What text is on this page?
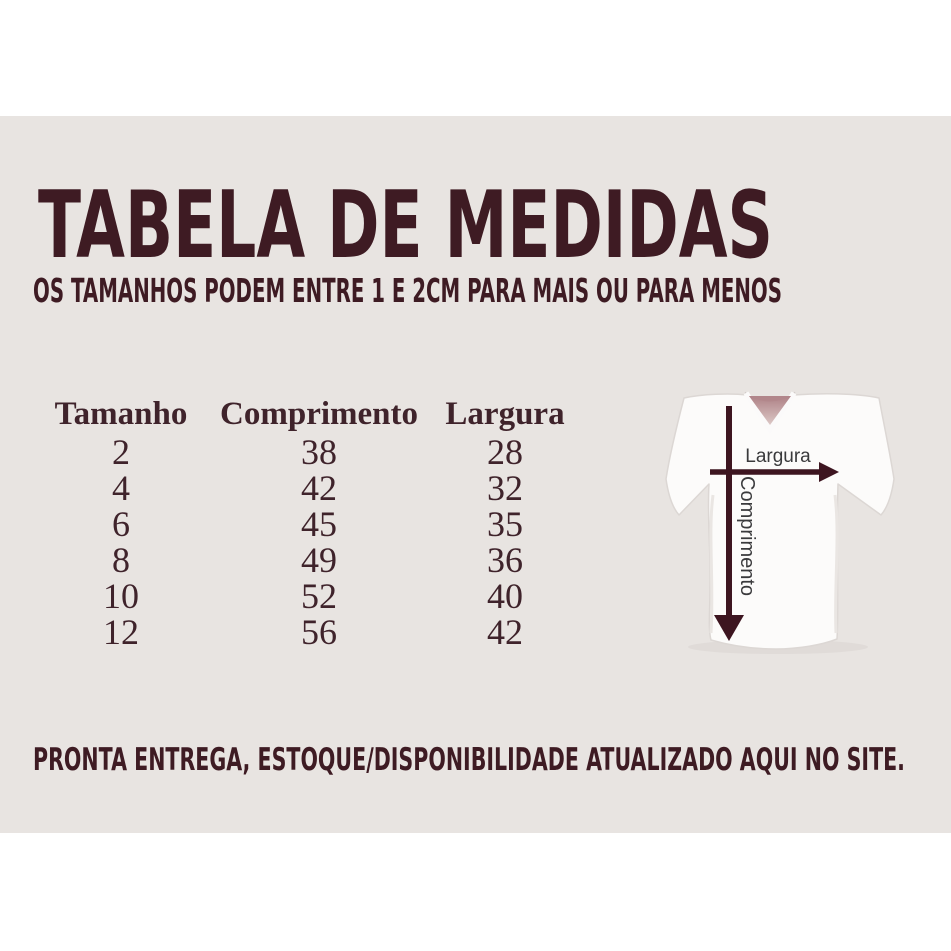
TABELA DE MEDIDAS
OS TAMANHOS PODEM ENTRE 1 E 2CM PARA MAIS OU PARA MENOS
PRONTA ENTREGA, ESTOQUE/DISPONIBILIDADE ATUALIZADO AQUI NO SITE.
Tamanho Comprimento Largura
2	38	28
4	42	32
6	45	35
8	49	36
10	52	40
12	56	42
Largura
Comprimento
